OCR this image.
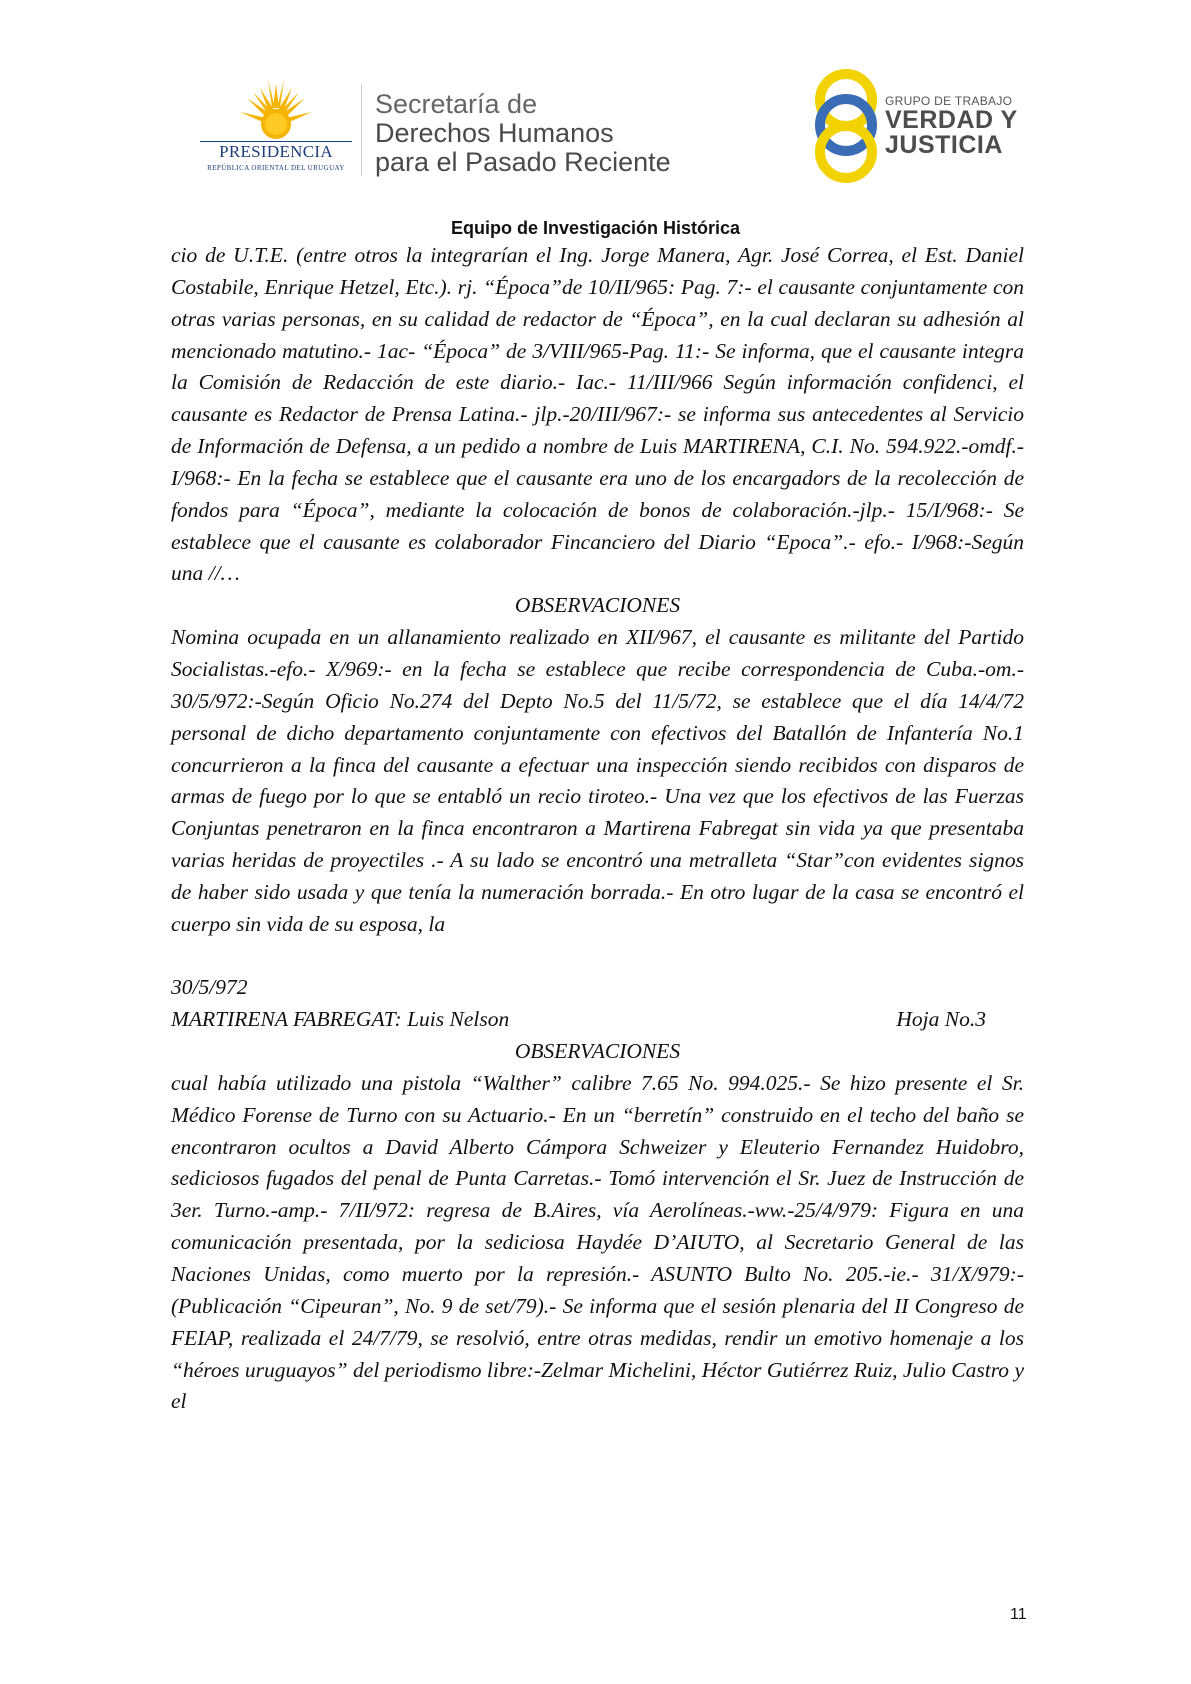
PRESIDENCIA
REPÚBLICA ORIENTAL DEL URUGUAY
Secretaría de
Derechos Humanos
para el Pasado Reciente
GRUPO DE TRABAJO
VERDAD Y
JUSTICIA
Equipo de Investigación Histórica

cio de U.T.E. (entre otros la integrarían el Ing. Jorge Manera, Agr. José Correa, el Est. Daniel Costabile, Enrique Hetzel, Etc.). rj. “Época”de 10/II/965: Pag. 7:- el causante conjuntamente con otras varias personas, en su calidad de redactor de “Época”, en la cual declaran su adhesión al mencionado matutino.- 1ac- “Época” de 3/VIII/965-Pag. 11:- Se informa, que el causante integra la Comisión de Redacción de este diario.- Iac.- 11/III/966 Según información confidenci, el causante es Redactor de Prensa Latina.- jlp.-20/III/967:- se informa sus antecedentes al Servicio de Información de Defensa, a un pedido a nombre de Luis MARTIRENA, C.I. No. 594.922.-omdf.-I/968:- En la fecha se establece que el causante era uno de los encargadors de la recolección de fondos para “Época”, mediante la colocación de bonos de colaboración.-jlp.- 15/I/968:- Se establece que el causante es colaborador Fincanciero del Diario “Epoca”.- efo.- I/968:-Según una //…

OBSERVACIONES

Nomina ocupada en un allanamiento realizado en XII/967, el causante es militante del Partido Socialistas.-efo.- X/969:- en la fecha se establece que recibe correspondencia de Cuba.-om.- 30/5/972:-Según Oficio No.274 del Depto No.5 del 11/5/72, se establece que el día 14/4/72 personal de dicho departamento conjuntamente con efectivos del Batallón de Infantería No.1 concurrieron a la finca del causante a efectuar una inspección siendo recibidos con disparos de armas de fuego por lo que se entabló un recio tiroteo.- Una vez que los efectivos de las Fuerzas Conjuntas penetraron en la finca encontraron a Martirena Fabregat sin vida ya que presentaba varias heridas de proyectiles .- A su lado se encontró una metralleta “Star”con evidentes signos de haber sido usada y que tenía la numeración borrada.- En otro lugar de la casa se encontró el cuerpo sin vida de su esposa, la

30/5/972

MARTIRENA FABREGAT: Luis Nelson	Hoja No.3

OBSERVACIONES

cual había utilizado una pistola “Walther” calibre 7.65 No. 994.025.- Se hizo presente el Sr. Médico Forense de Turno con su Actuario.- En un “berretín” construido en el techo del baño se encontraron ocultos a David Alberto Cámpora Schweizer y Eleuterio Fernandez Huidobro, sediciosos fugados del penal de Punta Carretas.- Tomó intervención el Sr. Juez de Instrucción de 3er. Turno.-amp.- 7/II/972: regresa de B.Aires, vía Aerolíneas.-ww.-25/4/979: Figura en una comunicación presentada, por la sediciosa Haydée D’AIUTO, al Secretario General de las Naciones Unidas, como muerto por la represión.- ASUNTO Bulto No. 205.-ie.- 31/X/979:- (Publicación “Cipeuran”, No. 9 de set/79).- Se informa que el sesión plenaria del II Congreso de FEIAP, realizada el 24/7/79, se resolvió, entre otras medidas, rendir un emotivo homenaje a los “héroes uruguayos” del periodismo libre:-Zelmar Michelini, Héctor Gutiérrez Ruiz, Julio Castro y el

11
